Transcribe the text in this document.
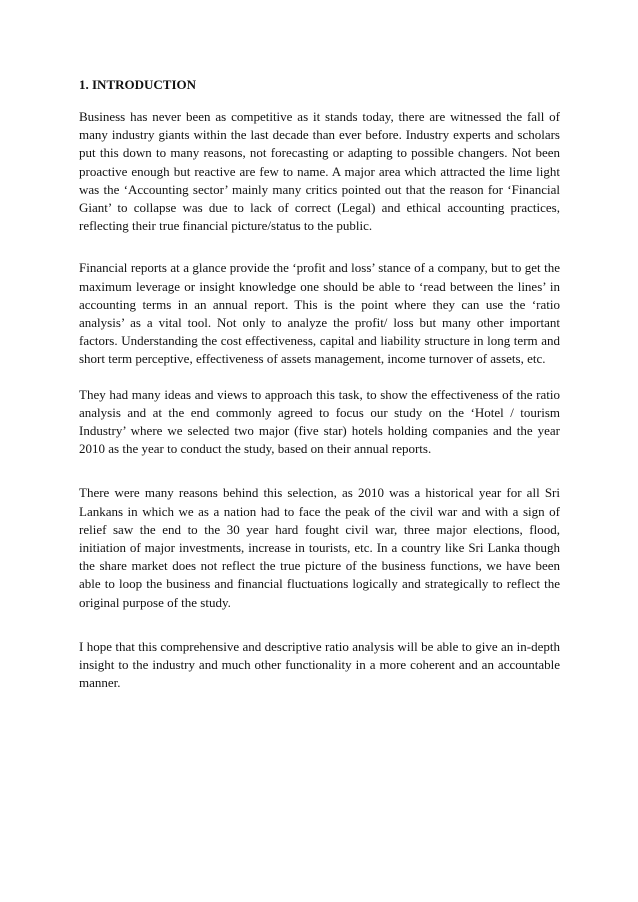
1. INTRODUCTION

Business has never been as competitive as it stands today, there are witnessed the fall of many industry giants within the last decade than ever before. Industry experts and scholars put this down to many reasons, not forecasting or adapting to possible changers. Not been proactive enough but reactive are few to name. A major area which attracted the lime light was the ‘Accounting sector’ mainly many critics pointed out that the reason for ‘Financial Giant’ to collapse was due to lack of correct (Legal) and ethical accounting practices, reflecting their true financial picture/status to the public.

Financial reports at a glance provide the ‘profit and loss’ stance of a company, but to get the maximum leverage or insight knowledge one should be able to ‘read between the lines’ in accounting terms in an annual report. This is the point where they can use the ‘ratio analysis’ as a vital tool. Not only to analyze the profit/ loss but many other important factors. Understanding the cost effectiveness, capital and liability structure in long term and short term perceptive, effectiveness of assets management, income turnover of assets, etc.

They had many ideas and views to approach this task, to show the effectiveness of the ratio analysis and at the end commonly agreed to focus our study on the ‘Hotel / tourism Industry’ where we selected two major (five star) hotels holding companies and the year 2010 as the year to conduct the study, based on their annual reports.

There were many reasons behind this selection, as 2010 was a historical year for all Sri Lankans in which we as a nation had to face the peak of the civil war and with a sign of relief saw the end to the 30 year hard fought civil war, three major elections, flood, initiation of major investments, increase in tourists, etc. In a country like Sri Lanka though the share market does not reflect the true picture of the business functions, we have been able to loop the business and financial fluctuations logically and strategically to reflect the original purpose of the study.

I hope that this comprehensive and descriptive ratio analysis will be able to give an in-depth insight to the industry and much other functionality in a more coherent and an accountable manner.
